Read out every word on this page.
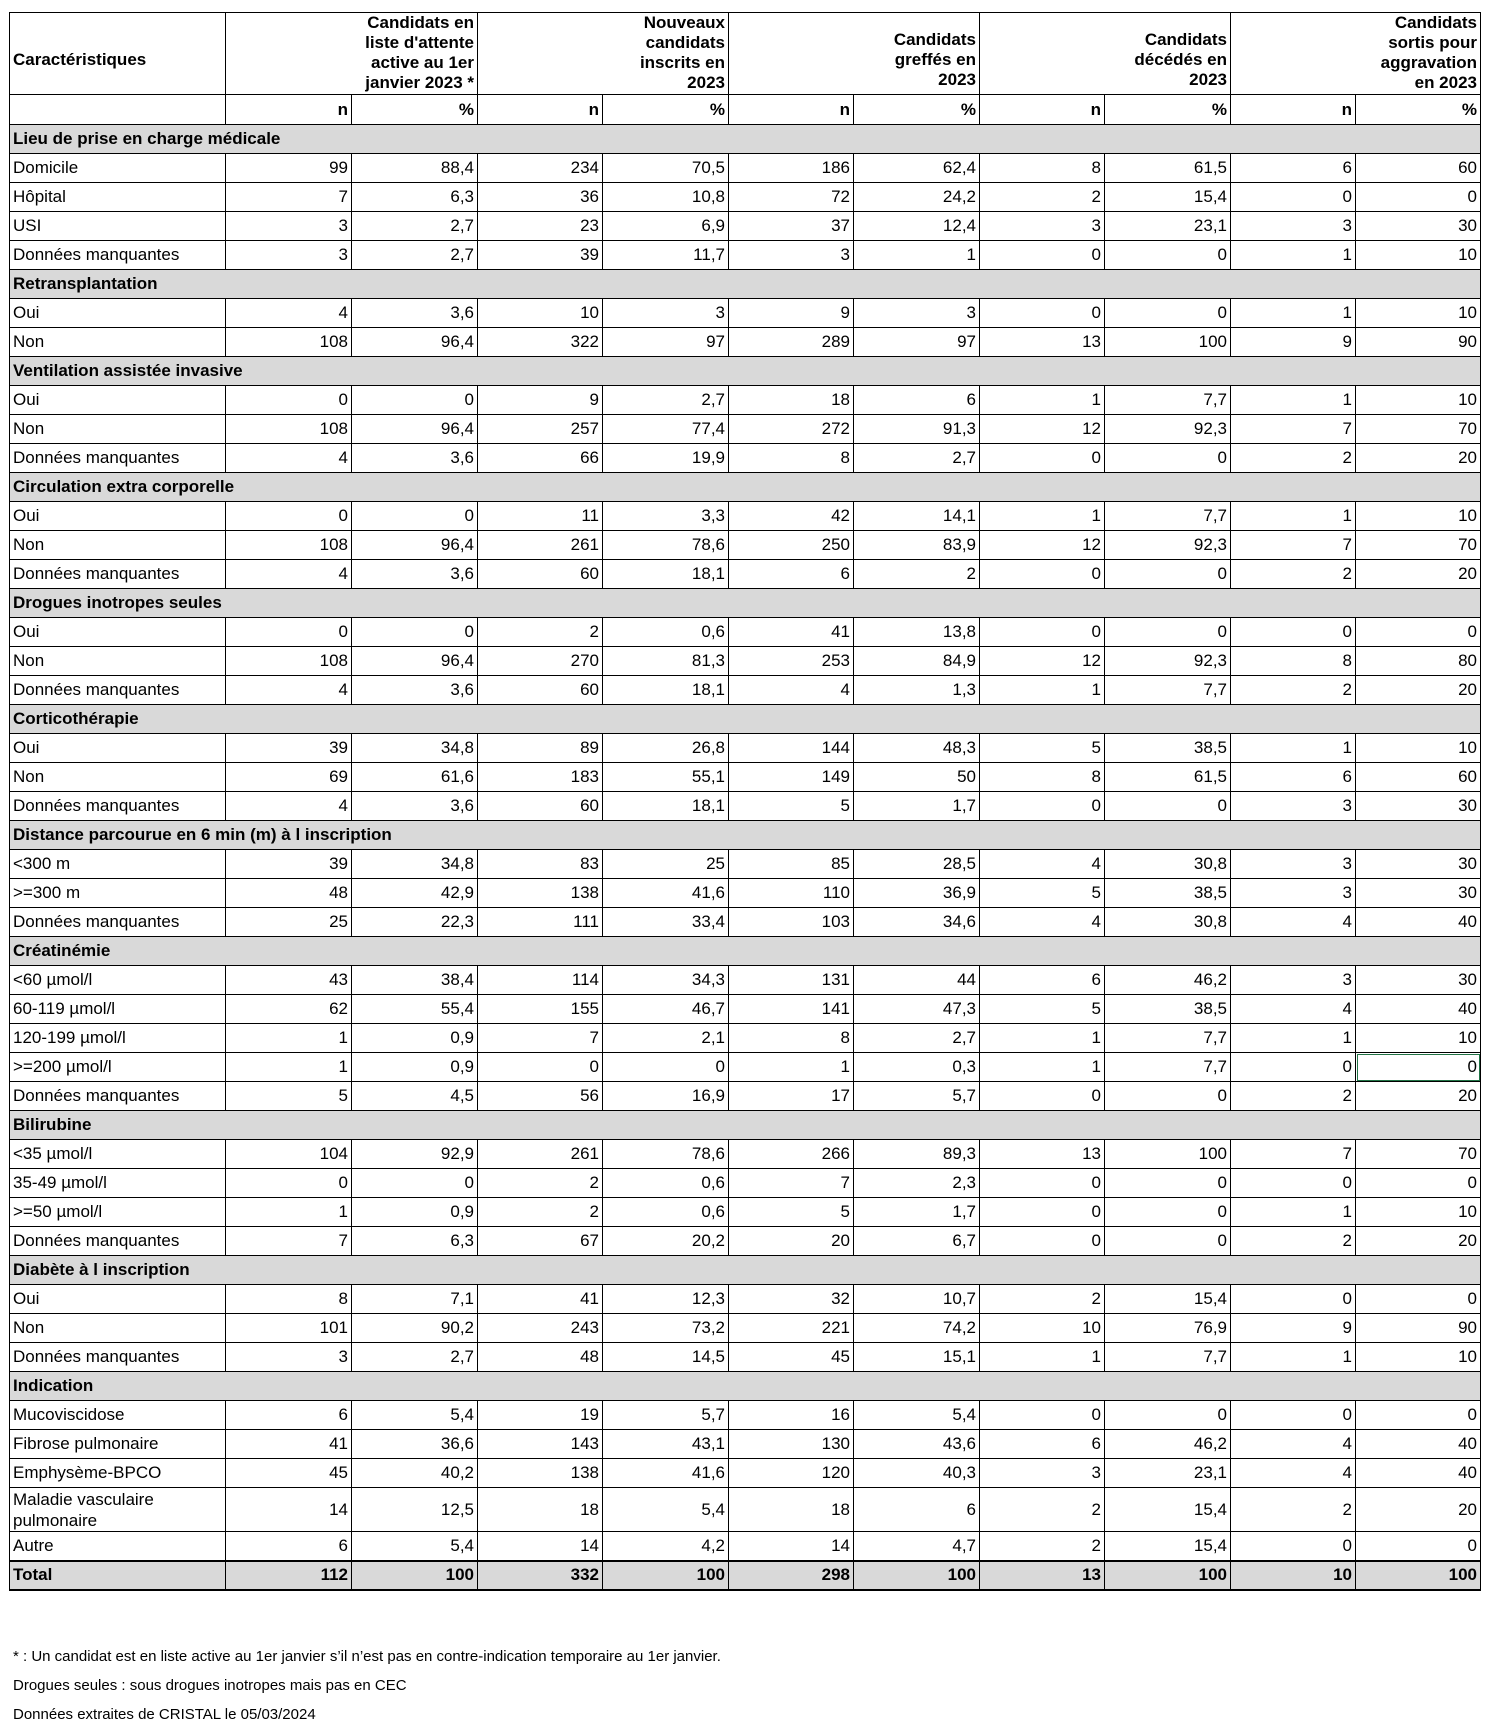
Caractéristiques		Candidats en liste d'attente active au 1er janvier 2023 *		Nouveaux candidats inscrits en 2023		Candidats greffés en 2023		Candidats décédés en 2023		Candidats sortis pour aggravation en 2023
	n	%	n	%	n	%	n	%	n	%
Lieu de prise en charge médicale										
Domicile	99	88,4	234	70,5	186	62,4	8	61,5	6	60
Hôpital	7	6,3	36	10,8	72	24,2	2	15,4	0	0
USI	3	2,7	23	6,9	37	12,4	3	23,1	3	30
Données manquantes	3	2,7	39	11,7	3	1	0	0	1	10
Retransplantation										
Oui	4	3,6	10	3	9	3	0	0	1	10
Non	108	96,4	322	97	289	97	13	100	9	90
Ventilation assistée invasive										
Oui	0	0	9	2,7	18	6	1	7,7	1	10
Non	108	96,4	257	77,4	272	91,3	12	92,3	7	70
Données manquantes	4	3,6	66	19,9	8	2,7	0	0	2	20
Circulation extra corporelle										
Oui	0	0	11	3,3	42	14,1	1	7,7	1	10
Non	108	96,4	261	78,6	250	83,9	12	92,3	7	70
Données manquantes	4	3,6	60	18,1	6	2	0	0	2	20
Drogues inotropes seules										
Oui	0	0	2	0,6	41	13,8	0	0	0	0
Non	108	96,4	270	81,3	253	84,9	12	92,3	8	80
Données manquantes	4	3,6	60	18,1	4	1,3	1	7,7	2	20
Corticothérapie										
Oui	39	34,8	89	26,8	144	48,3	5	38,5	1	10
Non	69	61,6	183	55,1	149	50	8	61,5	6	60
Données manquantes	4	3,6	60	18,1	5	1,7	0	0	3	30
Distance parcourue en 6 min (m) à l inscription										
<300 m	39	34,8	83	25	85	28,5	4	30,8	3	30
>=300 m	48	42,9	138	41,6	110	36,9	5	38,5	3	30
Données manquantes	25	22,3	111	33,4	103	34,6	4	30,8	4	40
Créatinémie										
<60 µmol/l	43	38,4	114	34,3	131	44	6	46,2	3	30
60-119 µmol/l	62	55,4	155	46,7	141	47,3	5	38,5	4	40
120-199 µmol/l	1	0,9	7	2,1	8	2,7	1	7,7	1	10
>=200 µmol/l	1	0,9	0	0	1	0,3	1	7,7	0	0
Données manquantes	5	4,5	56	16,9	17	5,7	0	0	2	20
Bilirubine										
<35 µmol/l	104	92,9	261	78,6	266	89,3	13	100	7	70
35-49 µmol/l	0	0	2	0,6	7	2,3	0	0	0	0
>=50 µmol/l	1	0,9	2	0,6	5	1,7	0	0	1	10
Données manquantes	7	6,3	67	20,2	20	6,7	0	0	2	20
Diabète à l inscription										
Oui	8	7,1	41	12,3	32	10,7	2	15,4	0	0
Non	101	90,2	243	73,2	221	74,2	10	76,9	9	90
Données manquantes	3	2,7	48	14,5	45	15,1	1	7,7	1	10
Indication										
Mucoviscidose	6	5,4	19	5,7	16	5,4	0	0	0	0
Fibrose pulmonaire	41	36,6	143	43,1	130	43,6	6	46,2	4	40
Emphysème-BPCO	45	40,2	138	41,6	120	40,3	3	23,1	4	40
Maladie vasculaire pulmonaire	14	12,5	18	5,4	18	6	2	15,4	2	20
Autre	6	5,4	14	4,2	14	4,7	2	15,4	0	0
Total	112	100	332	100	298	100	13	100	10	100
* : Un candidat est en liste active au 1er janvier s’il n’est pas en contre-indication temporaire au 1er janvier.
Drogues seules : sous drogues inotropes mais pas en CEC
Données extraites de CRISTAL le 05/03/2024
